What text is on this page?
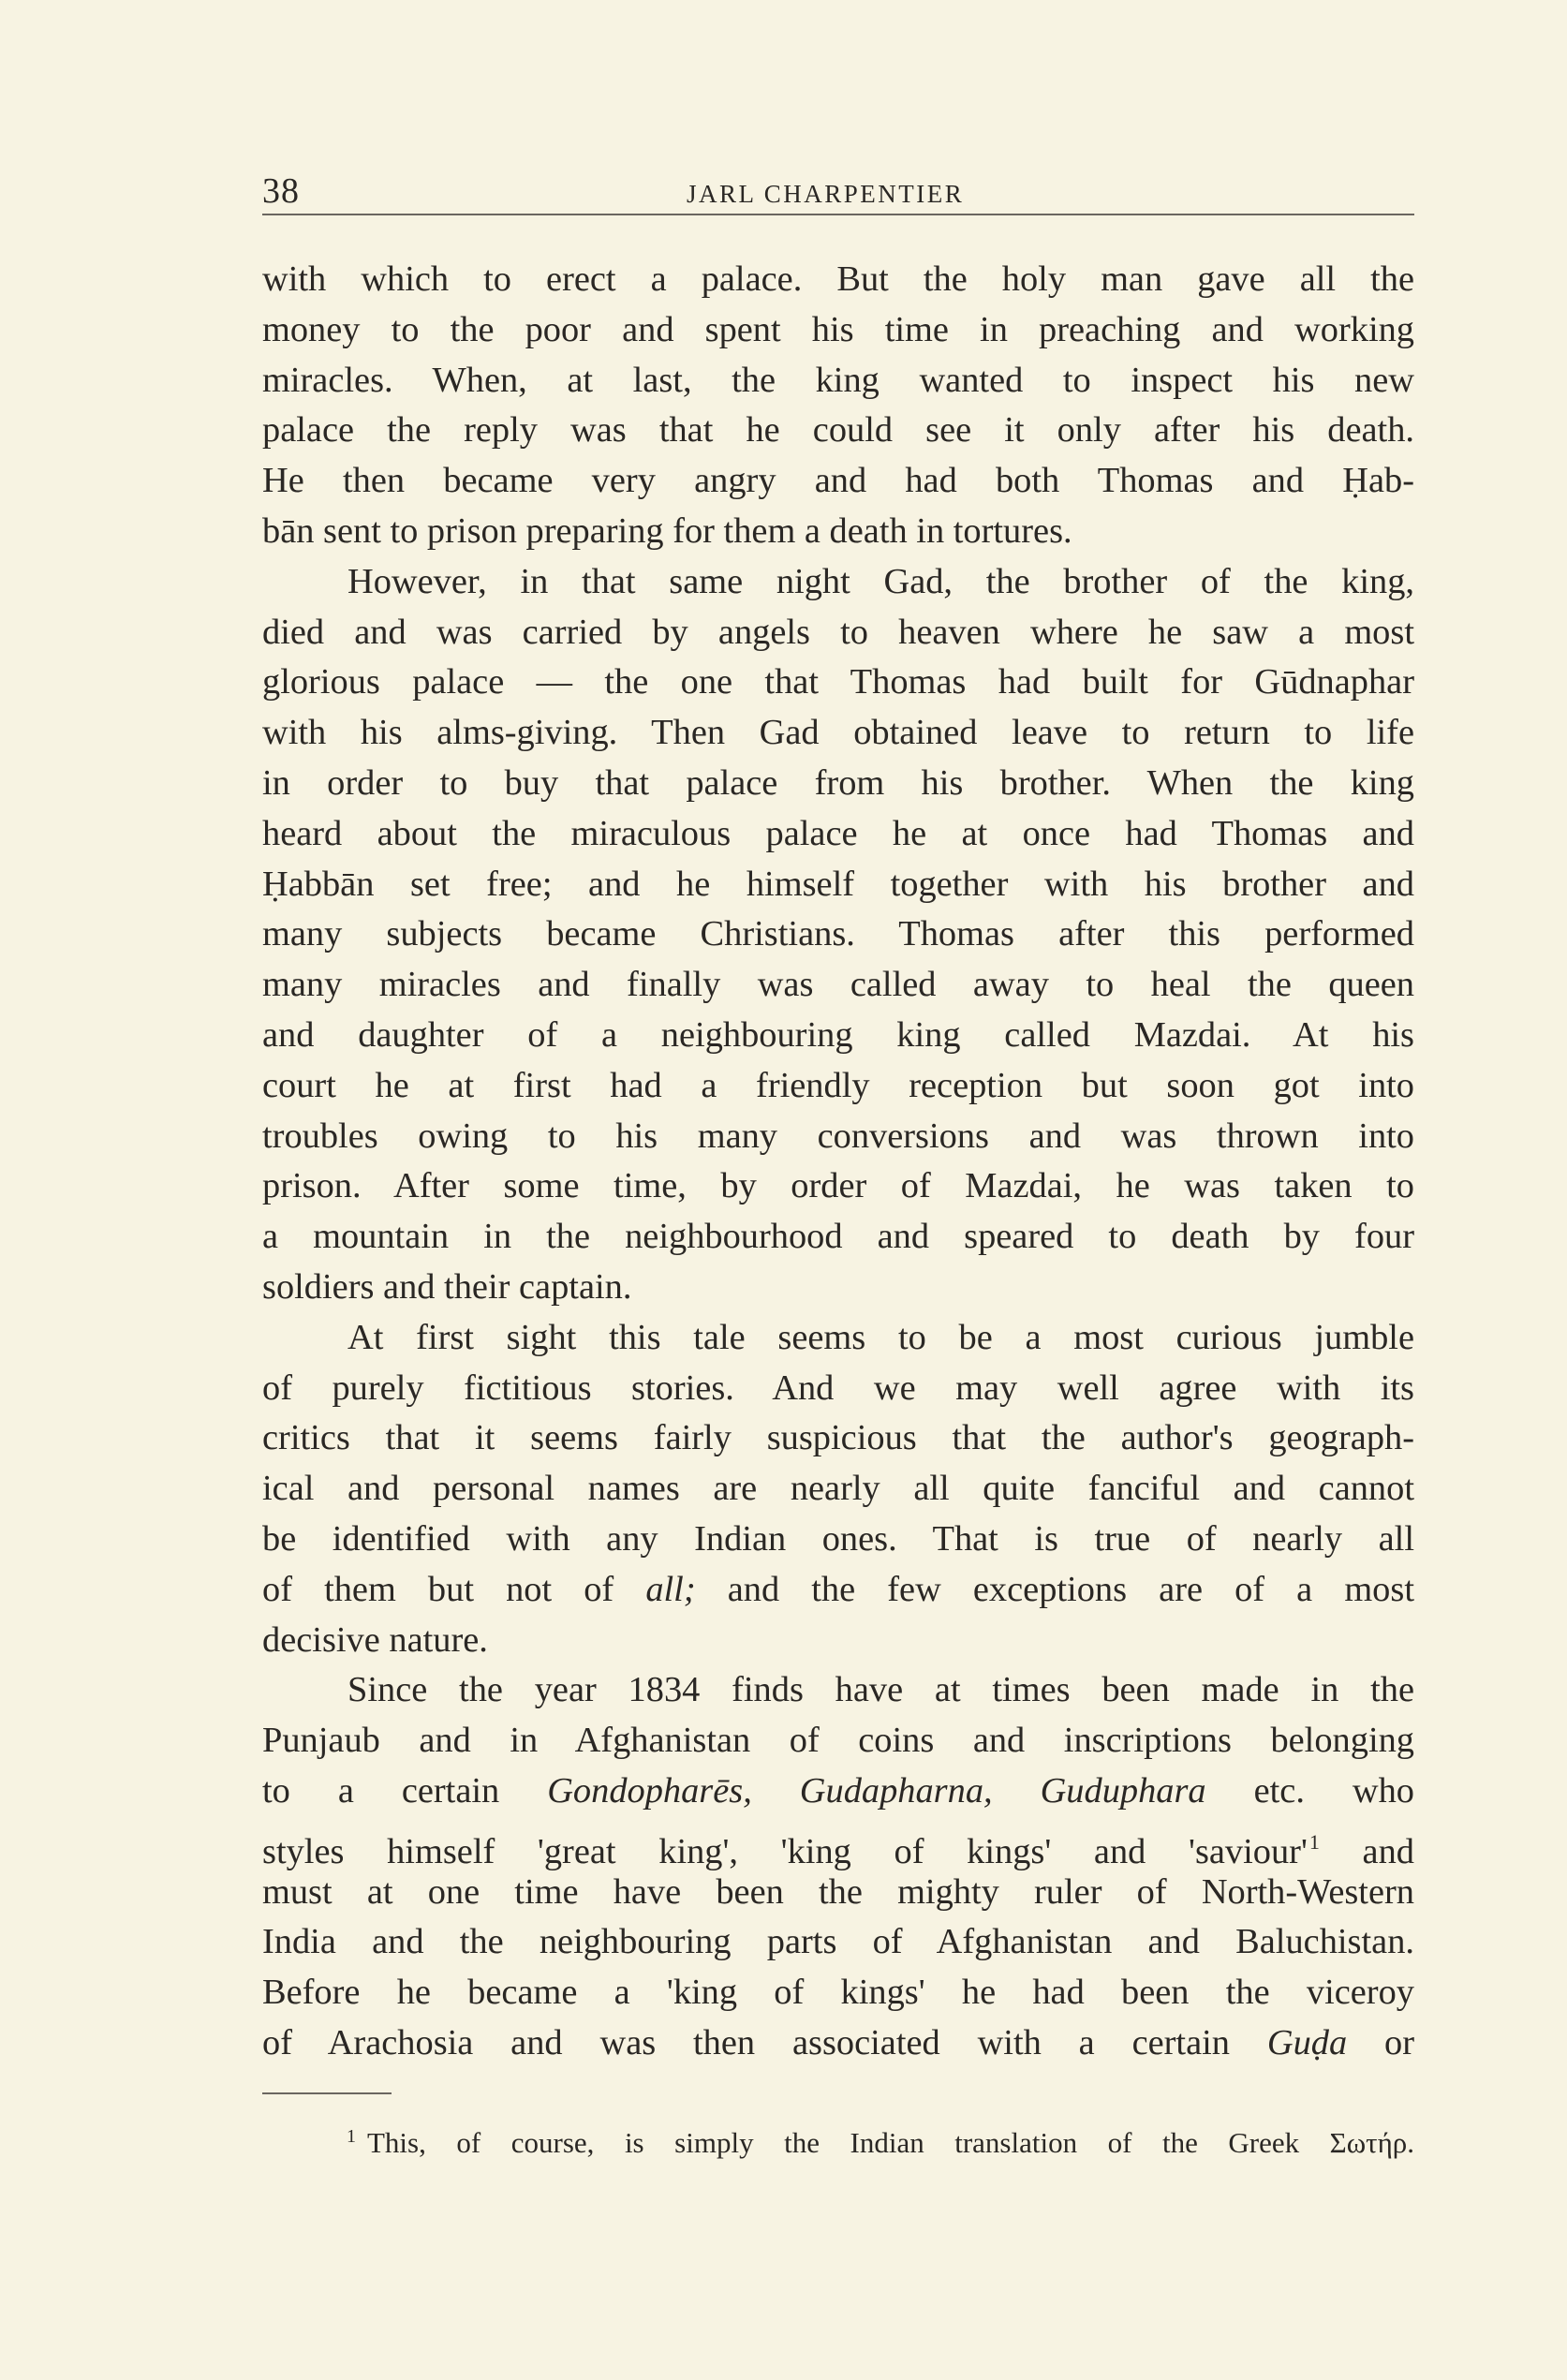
38	JARL CHARPENTIER

with which to erect a palace. But the holy man gave all the
money to the poor and spent his time in preaching and working
miracles. When, at last, the king wanted to inspect his new
palace the reply was that he could see it only after his death.
He then became very angry and had both Thomas and Ḥab-
bān sent to prison preparing for them a death in tortures.

However, in that same night Gad, the brother of the king,
died and was carried by angels to heaven where he saw a most
glorious palace — the one that Thomas had built for Gūdnaphar
with his alms-giving. Then Gad obtained leave to return to life
in order to buy that palace from his brother. When the king
heard about the miraculous palace he at once had Thomas and
Ḥabbān set free; and he himself together with his brother and
many subjects became Christians. Thomas after this performed
many miracles and finally was called away to heal the queen
and daughter of a neighbouring king called Mazdai. At his
court he at first had a friendly reception but soon got into
troubles owing to his many conversions and was thrown into
prison. After some time, by order of Mazdai, he was taken to
a mountain in the neighbourhood and speared to death by four
soldiers and their captain.

At first sight this tale seems to be a most curious jumble
of purely fictitious stories. And we may well agree with its
critics that it seems fairly suspicious that the author's geograph-
ical and personal names are nearly all quite fanciful and cannot
be identified with any Indian ones. That is true of nearly all
of them but not of all; and the few exceptions are of a most
decisive nature.

Since the year 1834 finds have at times been made in the
Punjaub and in Afghanistan of coins and inscriptions belonging
to a certain Gondopharēs, Gudapharna, Guduphara etc. who
styles himself 'great king', 'king of kings' and '$saviour'^1$ and
must at one time have been the mighty ruler of North-Western
India and the neighbouring parts of Afghanistan and Baluchistan.
Before he became a 'king of kings' he had been the viceroy
of Arachosia and was then associated with a certain Guḍa or

$^1$ This, of course, is simply the Indian translation of the Greek Σωτήρ.
